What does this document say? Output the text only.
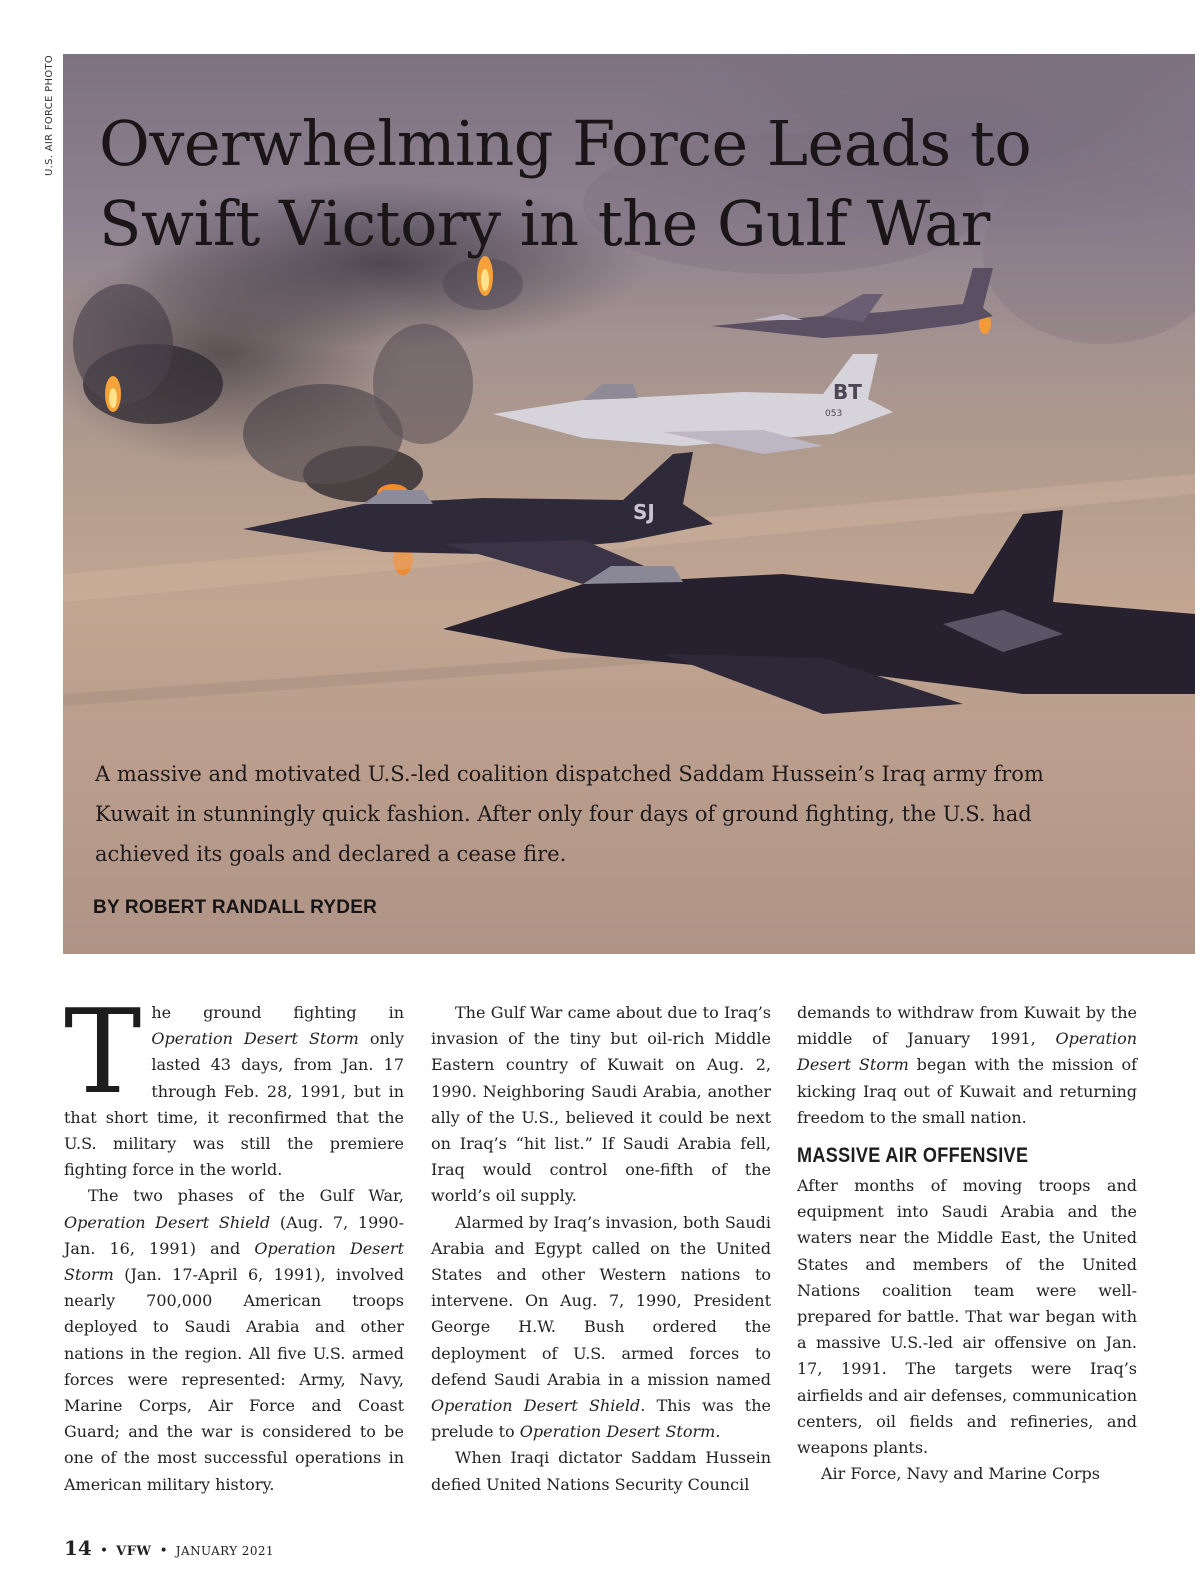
U.S. AIR FORCE PHOTO
BT
053
SJ
Overwhelming Force Leads to
Swift Victory in the Gulf War

A massive and motivated U.S.-led coalition dispatched Saddam Hussein’s Iraq army from Kuwait in stunningly quick fashion. After only four days of ground fighting, the U.S. had achieved its goals and declared a cease fire.

BY ROBERT RANDALL RYDER

The ground fighting in Operation Desert Storm only lasted 43 days, from Jan. 17 through Feb. 28, 1991, but in that short time, it reconfirmed that the U.S. military was still the premiere fighting force in the world.

The two phases of the Gulf War, Operation Desert Shield (Aug. 7, 1990-Jan. 16, 1991) and Operation Desert Storm (Jan. 17-April 6, 1991), involved nearly 700,000 American troops deployed to Saudi Arabia and other nations in the region. All five U.S. armed forces were represented: Army, Navy, Marine Corps, Air Force and Coast Guard; and the war is considered to be one of the most successful operations in American military history.

The Gulf War came about due to Iraq’s invasion of the tiny but oil-rich Middle Eastern country of Kuwait on Aug. 2, 1990. Neighboring Saudi Arabia, another ally of the U.S., believed it could be next on Iraq’s “hit list.” If Saudi Arabia fell, Iraq would control one-fifth of the world’s oil supply.

Alarmed by Iraq’s invasion, both Saudi Arabia and Egypt called on the United States and other Western nations to intervene. On Aug. 7, 1990, President George H.W. Bush ordered the deployment of U.S. armed forces to defend Saudi Arabia in a mission named Operation Desert Shield. This was the prelude to Operation Desert Storm.

When Iraqi dictator Saddam Hussein defied United Nations Security Council

demands to withdraw from Kuwait by the middle of January 1991, Operation Desert Storm began with the mission of kicking Iraq out of Kuwait and returning freedom to the small nation.

MASSIVE AIR OFFENSIVE

After months of moving troops and equipment into Saudi Arabia and the waters near the Middle East, the United States and members of the United Nations coalition team were well-prepared for battle. That war began with a massive U.S.-led air offensive on Jan. 17, 1991. The targets were Iraq’s airfields and air defenses, communication centers, oil fields and refineries, and weapons plants.

Air Force, Navy and Marine Corps

14 • VFW • JANUARY 2021
